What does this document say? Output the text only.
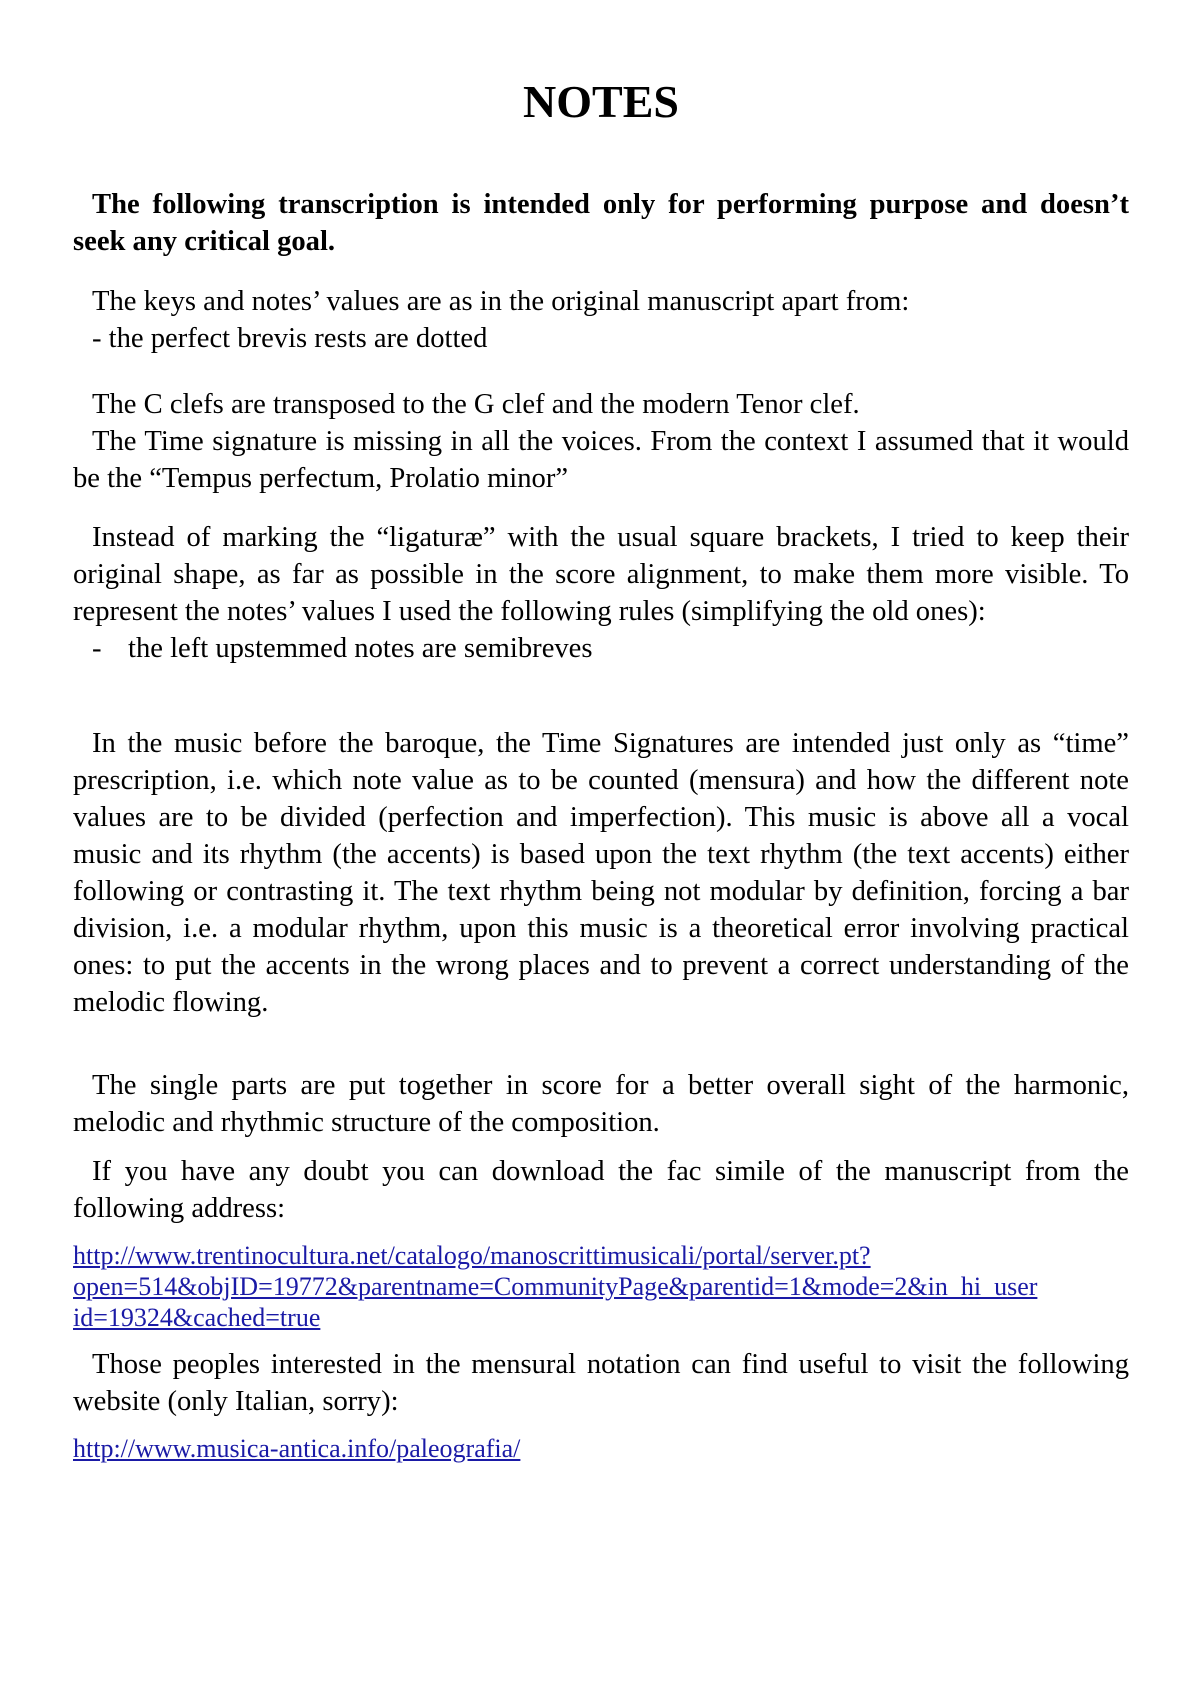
NOTES

The following transcription is intended only for performing purpose and doesn’t seek any critical goal.

The keys and notes’ values are as in the original manuscript apart from:
- the perfect brevis rests are dotted

The C clefs are transposed to the G clef and the modern Tenor clef.
The Time signature is missing in all the voices. From the context I assumed that it would be the “Tempus perfectum, Prolatio minor”

Instead of marking the “ligaturæ” with the usual square brackets, I tried to keep their original shape, as far as possible in the score alignment, to make them more visible. To represent the notes’ values I used the following rules (simplifying the old ones):
- the left upstemmed notes are semibreves

In the music before the baroque, the Time Signatures are intended just only as “time” prescription, i.e. which note value as to be counted (mensura) and how the different note values are to be divided (perfection and imperfection). This music is above all a vocal music and its rhythm (the accents) is based upon the text rhythm (the text accents) either following or contrasting it. The text rhythm being not modular by definition, forcing a bar division, i.e. a modular rhythm, upon this music is a theoretical error involving practical ones: to put the accents in the wrong places and to prevent a correct understanding of the melodic flowing.

The single parts are put together in score for a better overall sight of the harmonic, melodic and rhythmic structure of the composition.

If you have any doubt you can download the fac simile of the manuscript from the following address:

http://www.trentinocultura.net/catalogo/manoscrittimusicali/portal/server.pt?
open=514&objID=19772&parentname=CommunityPage&parentid=1&mode=2&in_hi_user
id=19324&cached=true

Those peoples interested in the mensural notation can find useful to visit the following website (only Italian, sorry):

http://www.musica-antica.info/paleografia/
